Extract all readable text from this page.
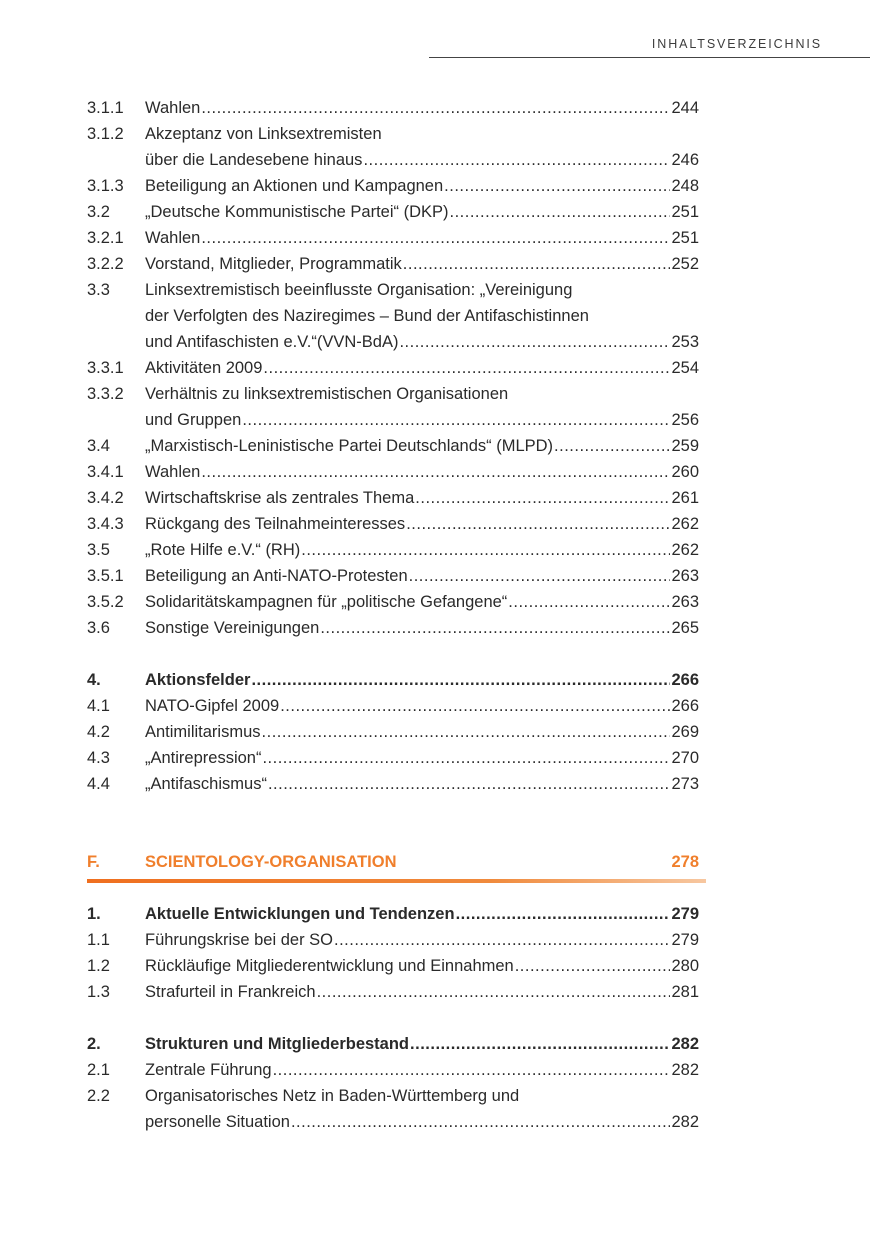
INHALTSVERZEICHNIS
3.1.1	Wahlen .....	244
3.1.2	Akzeptanz von Linksextremisten
über die Landesebene hinaus .....	246
3.1.3	Beteiligung an Aktionen und Kampagnen .....	248
3.2	„Deutsche Kommunistische Partei“ (DKP) .....	251
3.2.1	Wahlen .....	251
3.2.2	Vorstand, Mitglieder, Programmatik .....	252
3.3	Linksextremistisch beeinflusste Organisation: „Vereinigung
der Verfolgten des Naziregimes – Bund der Antifaschistinnen
und Antifaschisten e.V.“(VVN-BdA) .....	253
3.3.1	Aktivitäten 2009 .....	254
3.3.2	Verhältnis zu linksextremistischen Organisationen
und Gruppen .....	256
3.4	„Marxistisch-Leninistische Partei Deutschlands“ (MLPD) .....	259
3.4.1	Wahlen .....	260
3.4.2	Wirtschaftskrise als zentrales Thema .....	261
3.4.3	Rückgang des Teilnahmeinteresses .....	262
3.5	„Rote Hilfe e.V.“ (RH) .....	262
3.5.1	Beteiligung an Anti-NATO-Protesten .....	263
3.5.2	Solidaritätskampagnen für „politische Gefangene“ .....	263
3.6	Sonstige Vereinigungen .....	265
4.	Aktionsfelder .....	266
4.1	NATO-Gipfel 2009 .....	266
4.2	Antimilitarismus .....	269
4.3	„Antirepression“ .....	270
4.4	„Antifaschismus“ .....	273
F.	SCIENTOLOGY-ORGANISATION	278
1.	Aktuelle Entwicklungen und Tendenzen .....	279
1.1	Führungskrise bei der SO .....	279
1.2	Rückläufige Mitgliederentwicklung und Einnahmen .....	280
1.3	Strafurteil in Frankreich .....	281
2.	Strukturen und Mitgliederbestand .....	282
2.1	Zentrale Führung .....	282
2.2	Organisatorisches Netz in Baden-Württemberg und
personelle Situation .....	282
